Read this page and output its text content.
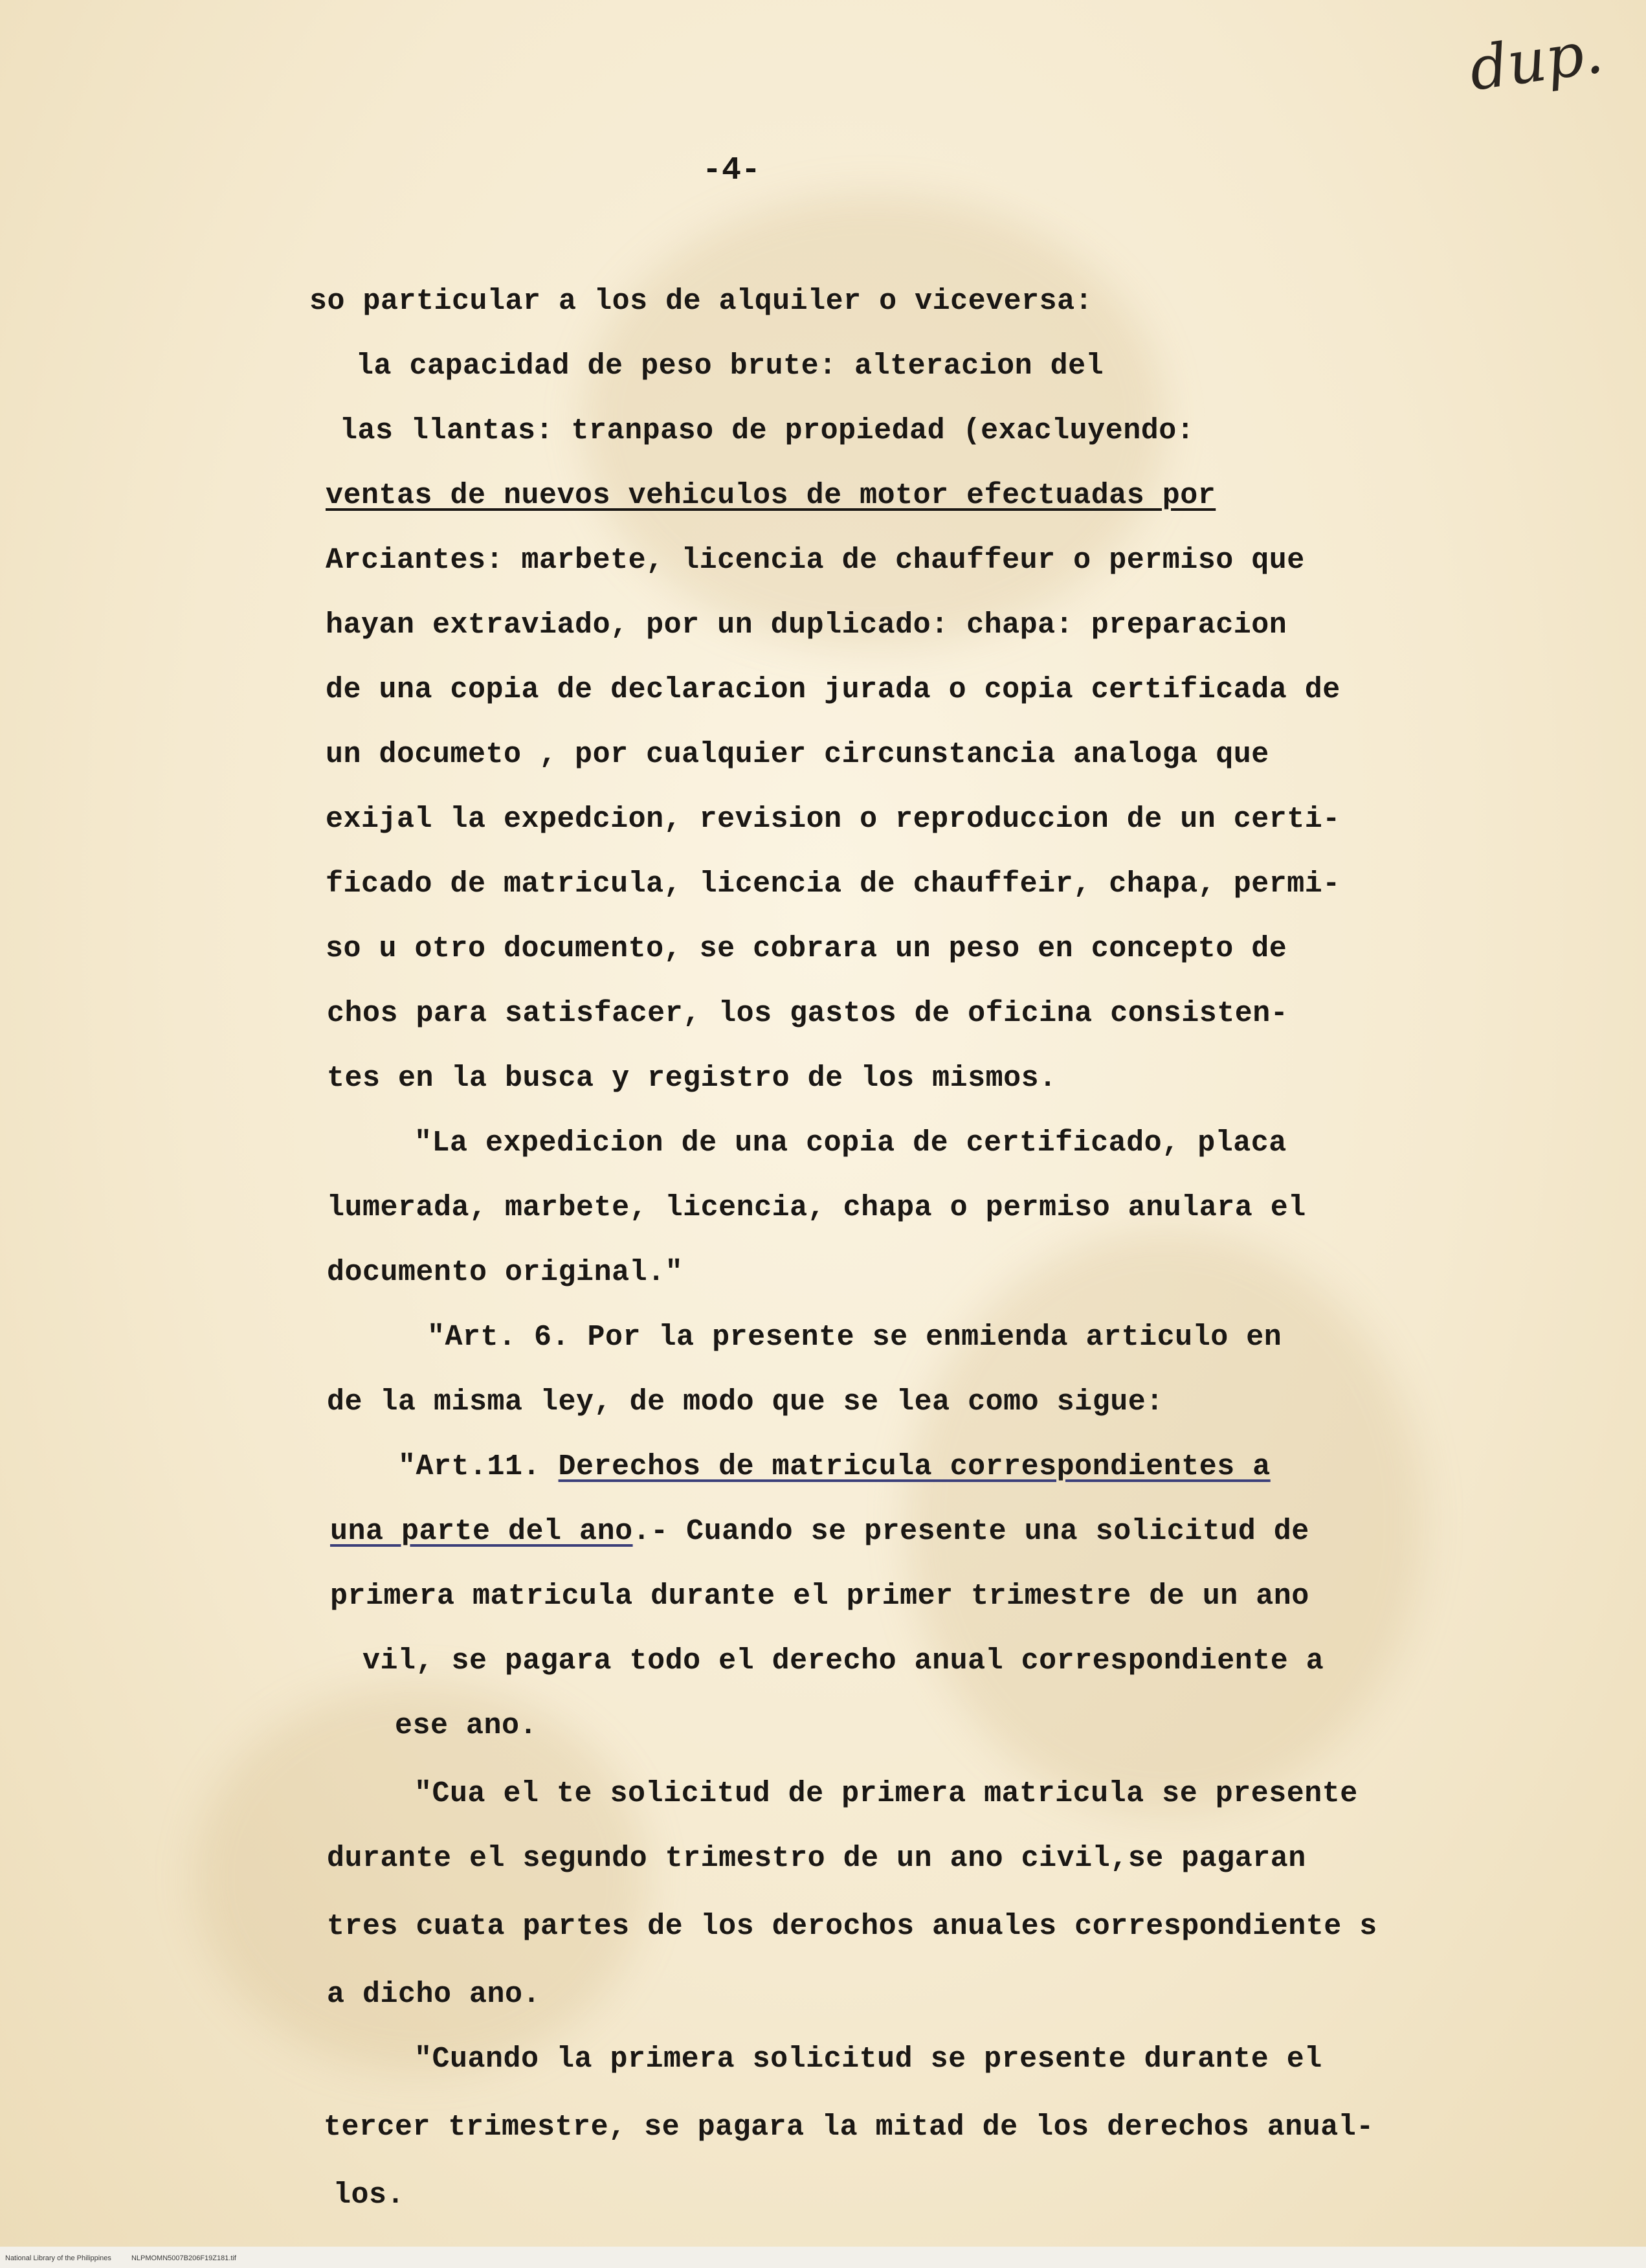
dup.
-4-
so particular a los de alquiler o viceversa:
la capacidad de peso brute: alteracion del
las llantas: tranpaso de propiedad (exacluyendo:
ventas de nuevos vehiculos de motor efectuadas por
Arciantes: marbete, licencia de chauffeur o permiso que
hayan extraviado, por un duplicado: chapa: preparacion
de una copia de declaracion jurada o copia certificada de
un documeto , por cualquier circunstancia analoga que
exijal la expedcion, revision o reproduccion de un certi-
ficado de matricula, licencia de chauffeir, chapa, permi-
so u otro documento, se cobrara un peso en concepto de
chos para satisfacer, los gastos de oficina consisten-
tes en la busca y registro de los mismos.
"La expedicion de una copia de certificado, placa
lumerada, marbete, licencia, chapa o permiso anulara el
documento original."
"Art. 6. Por la presente se enmienda articulo en
de la misma ley, de modo que se lea como sigue:
"Art.11. Derechos de matricula correspondientes a
una parte del ano.- Cuando se presente una solicitud de
primera matricula durante el primer trimestre de un ano
vil, se pagara todo el derecho anual correspondiente a
ese ano.
"Cua el te solicitud de primera matricula se presente
durante el segundo trimestro de un ano civil,se pagaran
tres cuata partes de los derochos anuales correspondiente s
a dicho ano.
"Cuando la primera solicitud se presente durante el
tercer trimestre, se pagara la mitad de los derechos anual-
los.
National Library of the Philippines	NLPMOMN5007B206F19Z181.tif
